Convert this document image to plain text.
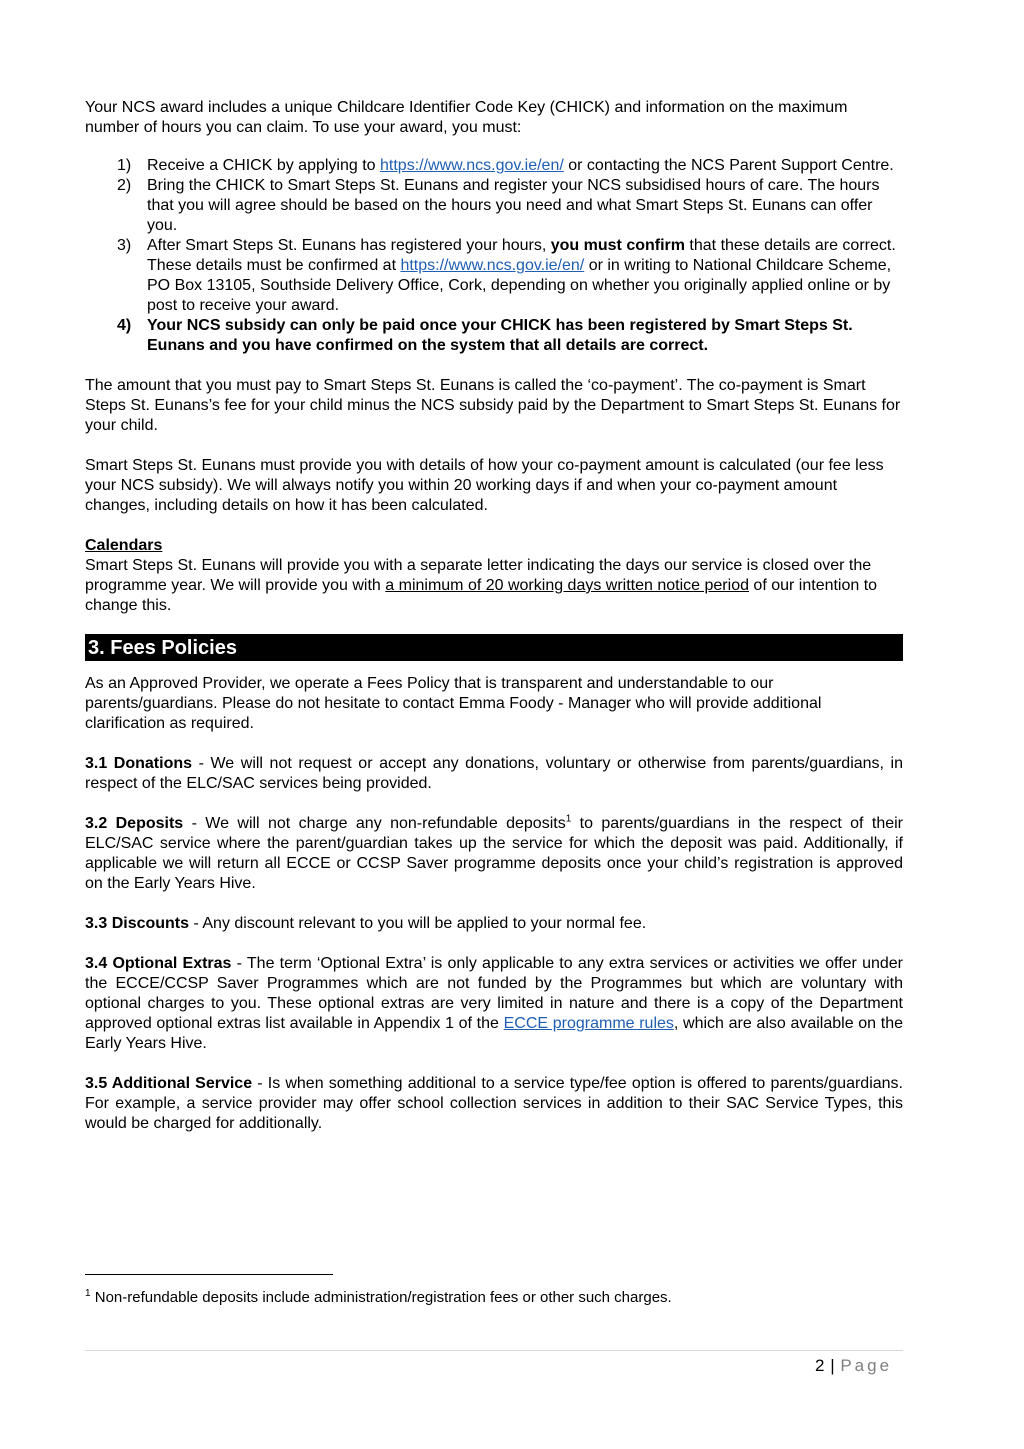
Your NCS award includes a unique Childcare Identifier Code Key (CHICK) and information on the maximum number of hours you can claim. To use your award, you must:

1) Receive a CHICK by applying to https://www.ncs.gov.ie/en/ or contacting the NCS Parent Support Centre.
2) Bring the CHICK to Smart Steps St. Eunans and register your NCS subsidised hours of care. The hours that you will agree should be based on the hours you need and what Smart Steps St. Eunans can offer you.
3) After Smart Steps St. Eunans has registered your hours, you must confirm that these details are correct. These details must be confirmed at https://www.ncs.gov.ie/en/ or in writing to National Childcare Scheme, PO Box 13105, Southside Delivery Office, Cork, depending on whether you originally applied online or by post to receive your award.
4) Your NCS subsidy can only be paid once your CHICK has been registered by Smart Steps St. Eunans and you have confirmed on the system that all details are correct.

The amount that you must pay to Smart Steps St. Eunans is called the ‘co-payment’. The co-payment is Smart Steps St. Eunans’s fee for your child minus the NCS subsidy paid by the Department to Smart Steps St. Eunans for your child.

Smart Steps St. Eunans must provide you with details of how your co-payment amount is calculated (our fee less your NCS subsidy). We will always notify you within 20 working days if and when your co-payment amount changes, including details on how it has been calculated.

Calendars

Smart Steps St. Eunans will provide you with a separate letter indicating the days our service is closed over the programme year. We will provide you with a minimum of 20 working days written notice period of our intention to change this.

3. Fees Policies

As an Approved Provider, we operate a Fees Policy that is transparent and understandable to our parents/guardians. Please do not hesitate to contact Emma Foody - Manager who will provide additional clarification as required.

3.1 Donations - We will not request or accept any donations, voluntary or otherwise from parents/guardians, in respect of the ELC/SAC services being provided.

3.2 Deposits - We will not charge any non-refundable deposits$^1$ to parents/guardians in the respect of their ELC/SAC service where the parent/guardian takes up the service for which the deposit was paid. Additionally, if applicable we will return all ECCE or CCSP Saver programme deposits once your child’s registration is approved on the Early Years Hive.

3.3 Discounts - Any discount relevant to you will be applied to your normal fee.

3.4 Optional Extras - The term ‘Optional Extra’ is only applicable to any extra services or activities we offer under the ECCE/CCSP Saver Programmes which are not funded by the Programmes but which are voluntary with optional charges to you. These optional extras are very limited in nature and there is a copy of the Department approved optional extras list available in Appendix 1 of the ECCE programme rules, which are also available on the Early Years Hive.

3.5 Additional Service - Is when something additional to a service type/fee option is offered to parents/guardians. For example, a service provider may offer school collection services in addition to their SAC Service Types, this would be charged for additionally.

$^1$ Non-refundable deposits include administration/registration fees or other such charges.

2 | Page
